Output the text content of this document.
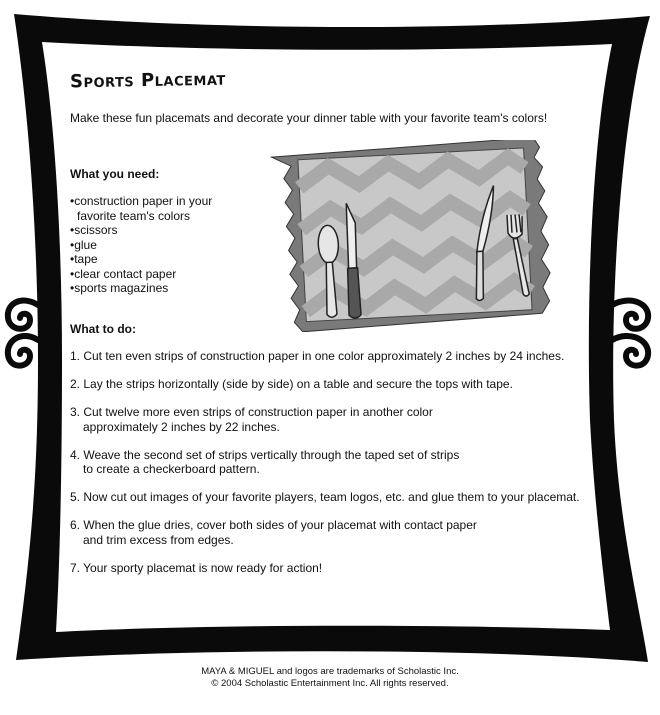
Sports Placemat
Make these fun placemats and decorate your dinner table with your favorite team's colors!
What you need:
• construction paper in your
favorite team's colors
• scissors
• glue
• tape
• clear contact paper
• sports magazines
What to do:
1. Cut ten even strips of construction paper in one color approximately 2 inches by 24 inches.
2. Lay the strips horizontally (side by side) on a table and secure the tops with tape.
3. Cut twelve more even strips of construction paper in another color
approximately 2 inches by 22 inches.
4. Weave the second set of strips vertically through the taped set of strips
to create a checkerboard pattern.
5. Now cut out images of your favorite players, team logos, etc. and glue them to your placemat.
6. When the glue dries, cover both sides of your placemat with contact paper
and trim excess from edges.
7. Your sporty placemat is now ready for action!
MAYA & MIGUEL and logos are trademarks of Scholastic Inc.
© 2004 Scholastic Entertainment Inc. All rights reserved.
